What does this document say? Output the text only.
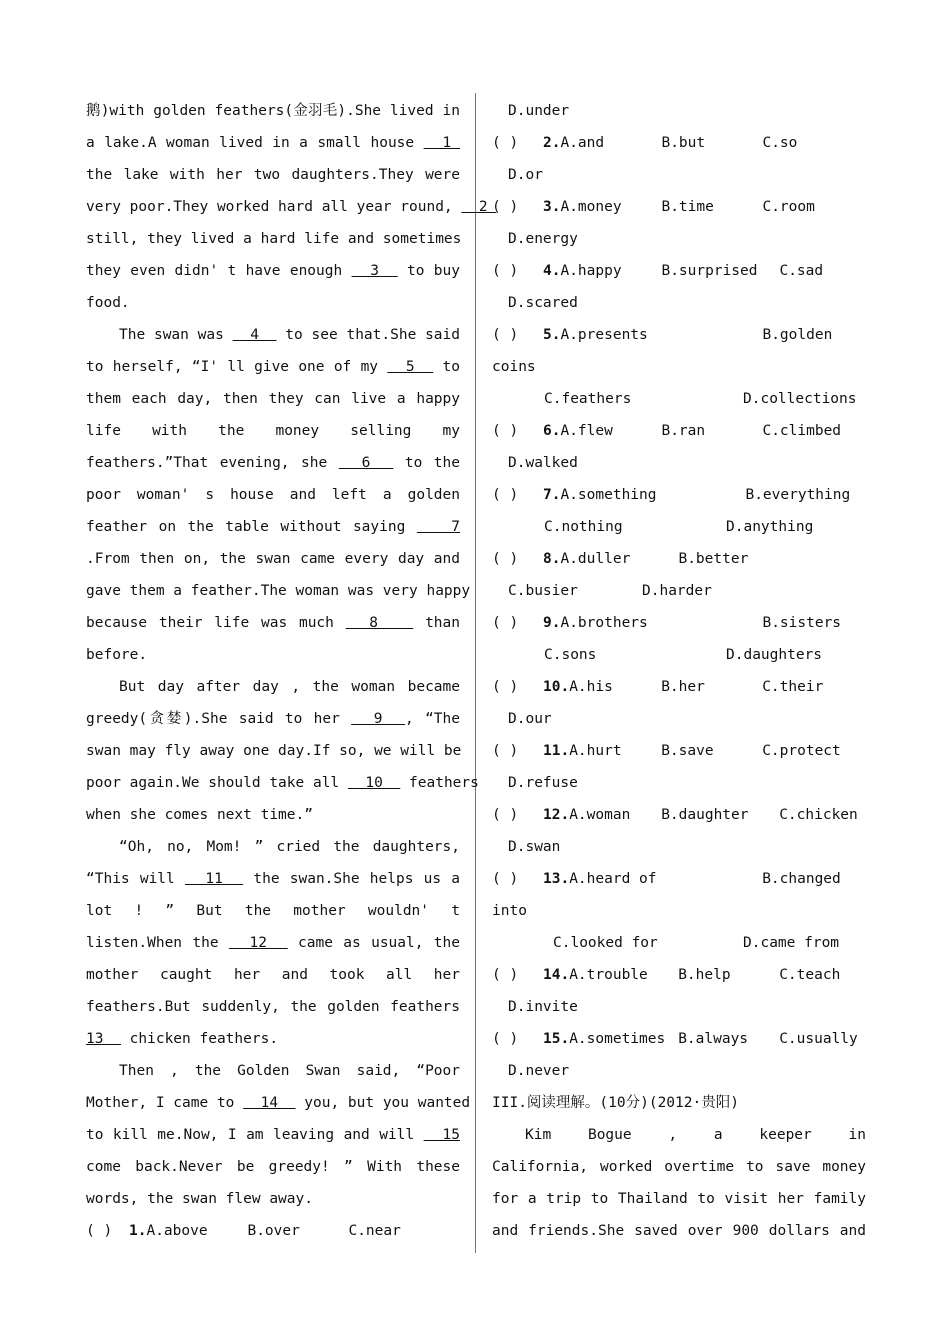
鹅)with golden feathers(金羽毛).She lived in
a lake.A woman lived in a small house   1
the lake with her two daughters.They were
very poor.They worked hard all year round,   2
still, they lived a hard life and sometimes
they even didn' t have enough   3   to buy
food.
The swan was   4   to see that.She said
to herself, “I' ll give one of my   5   to
them each day, then they can live a happy
life with the money selling my
feathers.”That evening, she   6   to the
poor woman' s house and left a golden
feather on the table without saying    7
.From then on, the swan came every day and
gave them a feather.The woman was very happy
because their life was much   8    than
before.
But day after day , the woman became
greedy(贪婪).She said to her   9  , “The
swan may fly away one day.If so, we will be
poor again.We should take all   10   feathers
when she comes next time.”
“Oh, no, Mom! ” cried the daughters,
“This will   11   the swan.She helps us a
lot ! ” But the mother wouldn' t
listen.When the   12   came as usual, the
mother caught her and took all her
feathers.But suddenly, the golden feathers
13   chicken feathers.
Then , the Golden Swan said, “Poor
Mother, I came to   14   you, but you wanted
to kill me.Now, I am leaving and will   15
come back.Never be greedy! ” With these
words, the swan flew away.
( ) 1.A.above	B.over	C.near
D.under
( ) 2.A.and	B.but	C.so
D.or
( ) 3.A.money	B.time	C.room
D.energy
( ) 4.A.happy	B.surprised C.sad
D.scared
( ) 5.A.presents	B.golden
coins
C.feathers	D.collections
( ) 6.A.flew	B.ran	C.climbed
D.walked
( ) 7.A.something	B.everything
C.nothing	D.anything
( ) 8.A.duller	B.better
C.busier	D.harder
( ) 9.A.brothers	B.sisters
C.sons	D.daughters
( ) 10.A.his	B.her	C.their
D.our
( ) 11.A.hurt	B.save	C.protect
D.refuse
( ) 12.A.woman B.daughter C.chicken
D.swan
( ) 13.A.heard of	B.changed
into
C.looked for	D.came from
( ) 14.A.trouble B.help	C.teach
D.invite
( ) 15.A.sometimes B.always C.usually
D.never
III.阅读理解。(10分)(2012·贵阳)
Kim Bogue , a keeper in
California, worked overtime to save money
for a trip to Thailand to visit her family
and friends.She saved over 900 dollars and
